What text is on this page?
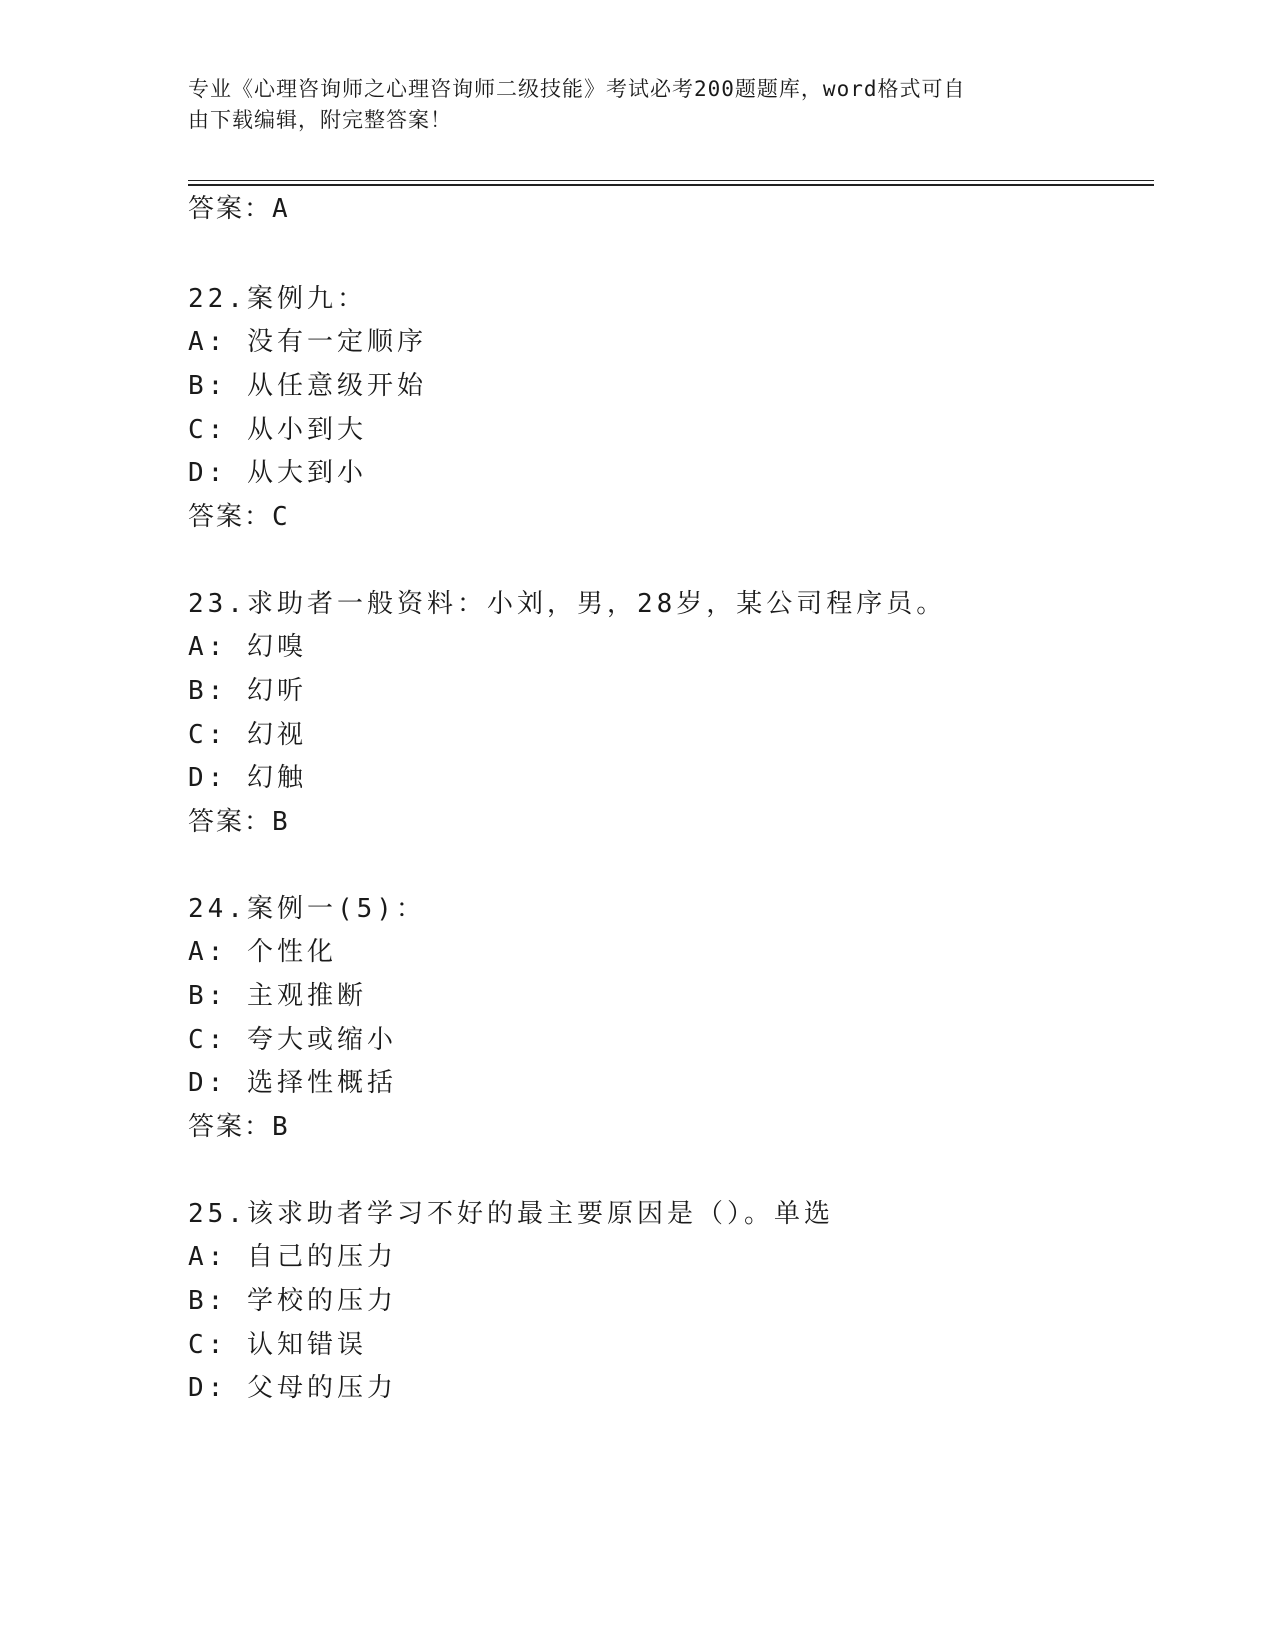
专业《心理咨询师之心理咨询师二级技能》考试必考200题题库，word格式可自
由下载编辑，附完整答案！
答案：A
22.案例九：
A: 没有一定顺序
B: 从任意级开始
C: 从小到大
D: 从大到小
答案：C
23.求助者一般资料：小刘，男，28岁，某公司程序员。
A: 幻嗅
B: 幻听
C: 幻视
D: 幻触
答案：B
24.案例一(5)：
A: 个性化
B: 主观推断
C: 夸大或缩小
D: 选择性概括
答案：B
25.该求助者学习不好的最主要原因是（）。单选
A: 自己的压力
B: 学校的压力
C: 认知错误
D: 父母的压力
